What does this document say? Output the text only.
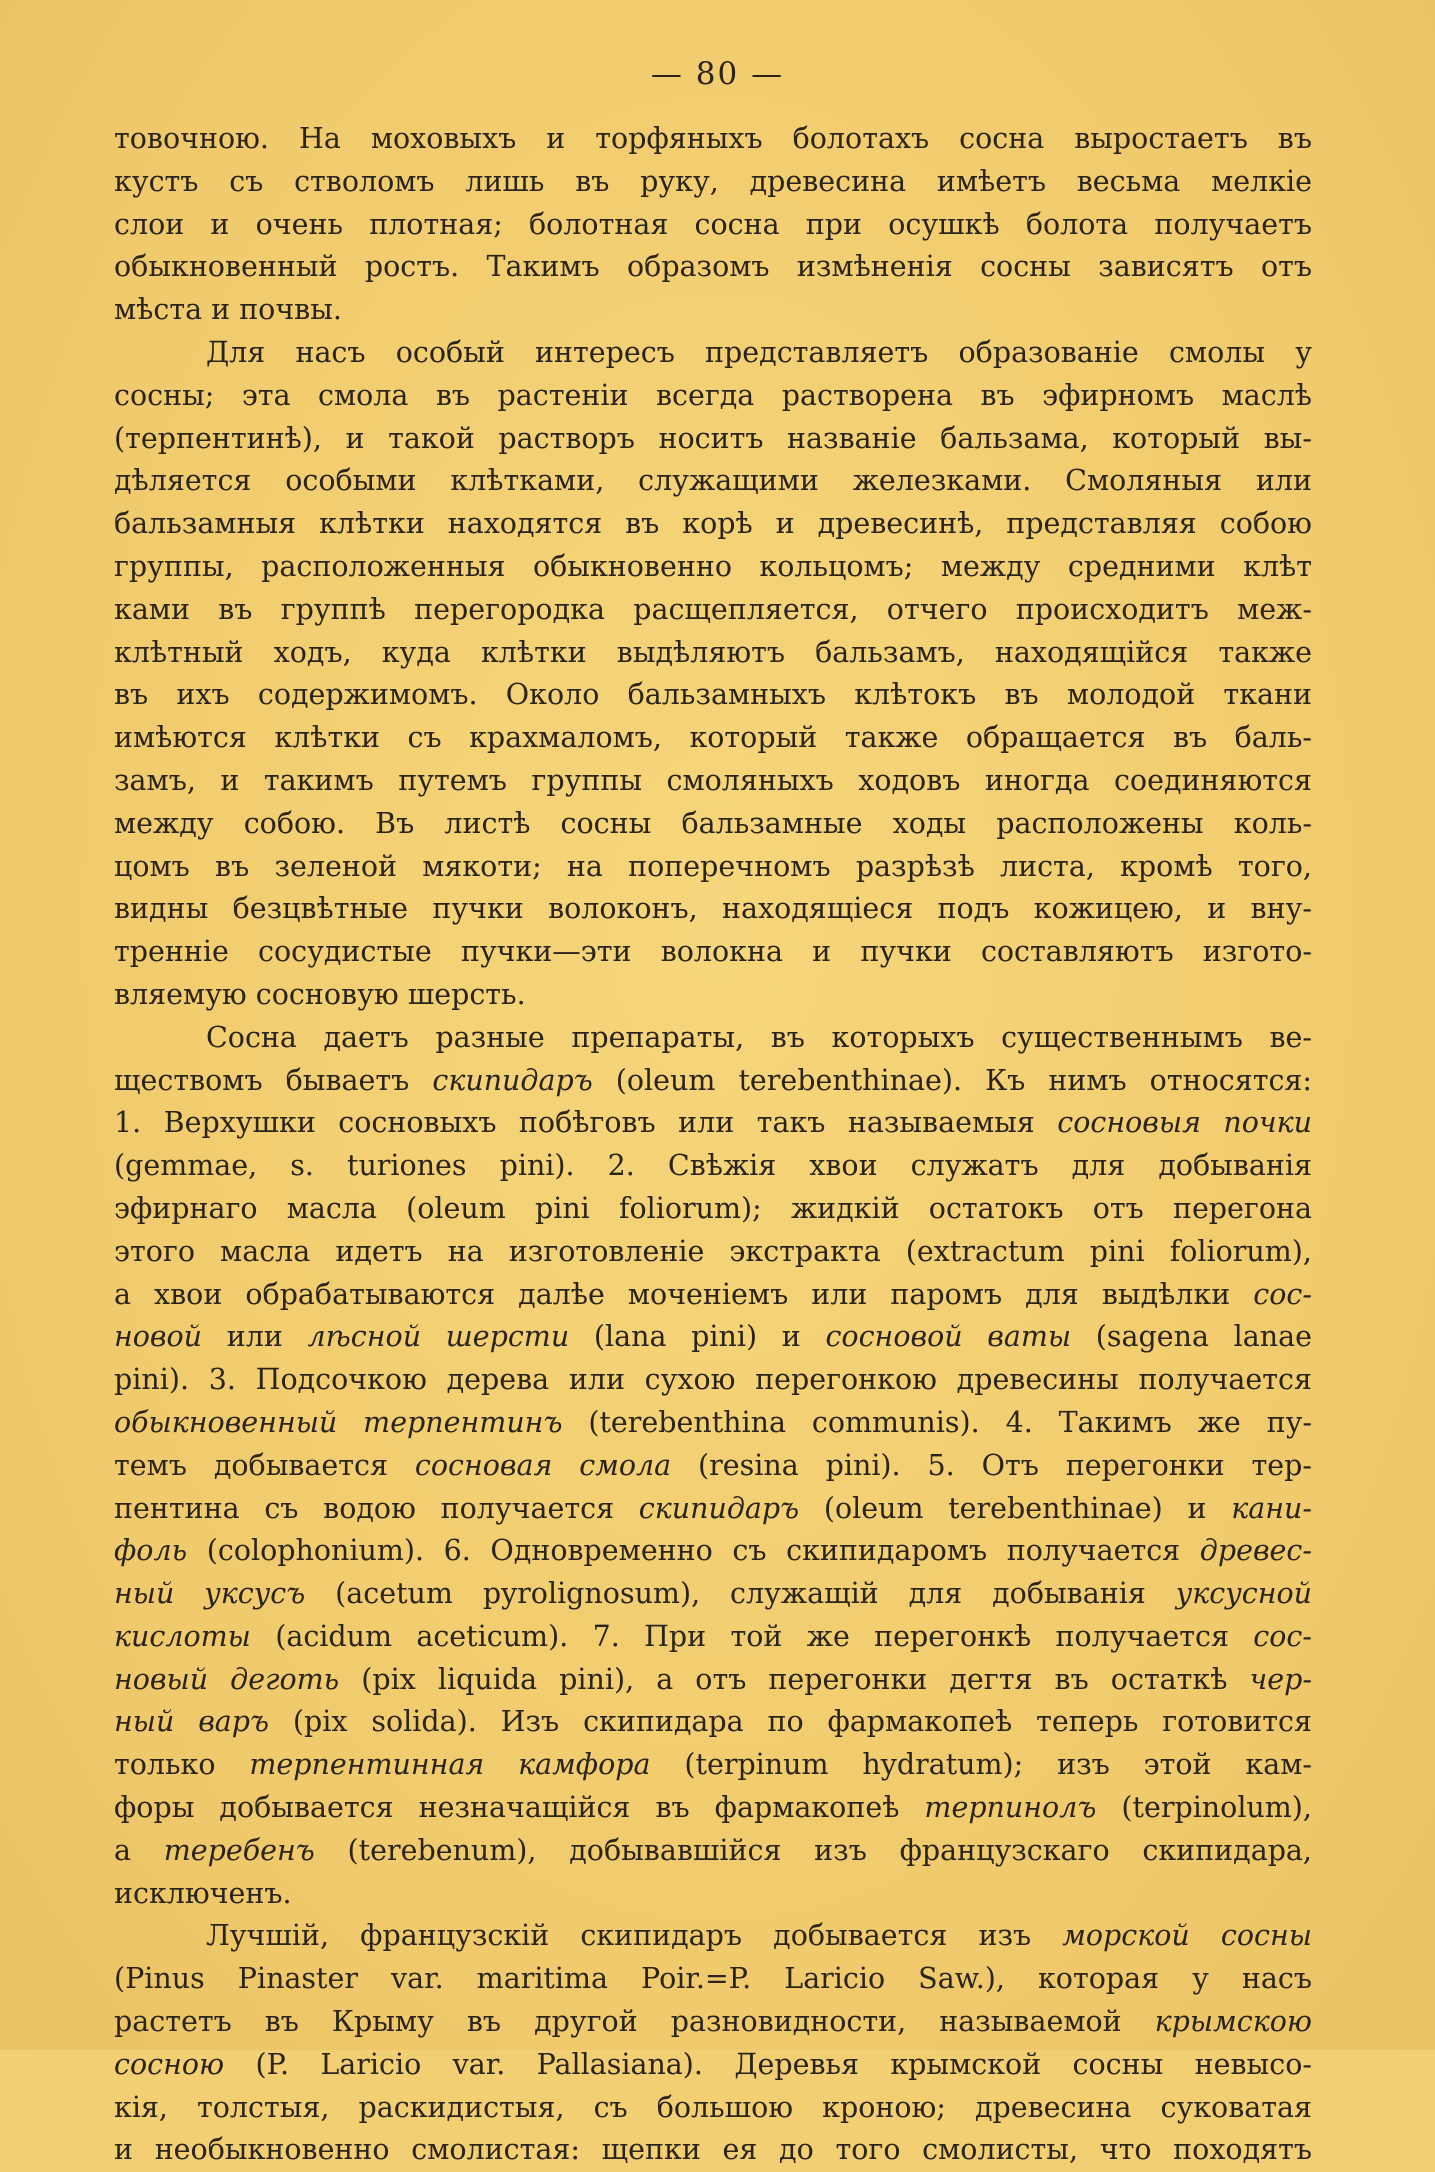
— 80 —
товочною. На моховыхъ и торфяныхъ болотахъ сосна выростаетъ въ
кустъ съ стволомъ лишь въ руку, древесина имѣетъ весьма мелкіе
слои и очень плотная; болотная сосна при осушкѣ болота получаетъ
обыкновенный ростъ. Такимъ образомъ измѣненія сосны зависятъ отъ
мѣста и почвы.
Для насъ особый интересъ представляетъ образованіе смолы у
сосны; эта смола въ растеніи всегда растворена въ эфирномъ маслѣ
(терпентинѣ), и такой растворъ носитъ названіе бальзама, который вы-
дѣляется особыми клѣтками, служащими железками. Смоляныя или
бальзамныя клѣтки находятся въ корѣ и древесинѣ, представляя собою
группы, расположенныя обыкновенно кольцомъ; между средними клѣт
ками въ группѣ перегородка расщепляется, отчего происходитъ меж-
клѣтный ходъ, куда клѣтки выдѣляютъ бальзамъ, находящійся также
въ ихъ содержимомъ. Около бальзамныхъ клѣтокъ въ молодой ткани
имѣются клѣтки съ крахмаломъ, который также обращается въ баль-
замъ, и такимъ путемъ группы смоляныхъ ходовъ иногда соединяются
между собою. Въ листѣ сосны бальзамные ходы расположены коль-
цомъ въ зеленой мякоти; на поперечномъ разрѣзѣ листа, кромѣ того,
видны безцвѣтные пучки волоконъ, находящіеся подъ кожицею, и вну-
тренніе сосудистые пучки—эти волокна и пучки составляютъ изгото-
вляемую сосновую шерсть.
Сосна даетъ разные препараты, въ которыхъ существеннымъ ве-
ществомъ бываетъ скипидаръ (oleum terebenthinae). Къ нимъ относятся:
1. Верхушки сосновыхъ побѣговъ или такъ называемыя сосновыя почки
(gemmae, s. turiones pini). 2. Свѣжія хвои служатъ для добыванія
эфирнаго масла (oleum pini foliorum); жидкій остатокъ отъ перегона
этого масла идетъ на изготовленіе экстракта (extractum pini foliorum),
а хвои обрабатываются далѣе моченіемъ или паромъ для выдѣлки сос-
новой или лѣсной шерсти (lana pini) и сосновой ваты (sagena lanae
pini). 3. Подсочкою дерева или сухою перегонкою древесины получается
обыкновенный терпентинъ (terebenthina communis). 4. Такимъ же пу-
темъ добывается сосновая смола (resina pini). 5. Отъ перегонки тер-
пентина съ водою получается скипидаръ (oleum terebenthinae) и кани-
фоль (colophonium). 6. Одновременно съ скипидаромъ получается древес-
ный уксусъ (acetum pyrolignosum), служащій для добыванія уксусной
кислоты (acidum aceticum). 7. При той же перегонкѣ получается сос-
новый деготь (pix liquida pini), а отъ перегонки дегтя въ остаткѣ чер-
ный варъ (pix solida). Изъ скипидара по фармакопеѣ теперь готовится
только терпентинная камфора (terpinum hydratum); изъ этой кам-
форы добывается незначащійся въ фармакопеѣ терпинолъ (terpinolum),
а теребенъ (terebenum), добывавшійся изъ французскаго скипидара,
исключенъ.
Лучшій, французскій скипидаръ добывается изъ морской сосны
(Pinus Pinaster var. maritima Poir.=P. Laricio Saw.), которая у насъ
растетъ въ Крыму въ другой разновидности, называемой крымскою
сосною (P. Laricio var. Pallasiana). Деревья крымской сосны невысо-
кія, толстыя, раскидистыя, съ большою кроною; древесина суковатая
и необыкновенно смолистая: щепки ея до того смолисты, что походятъ
